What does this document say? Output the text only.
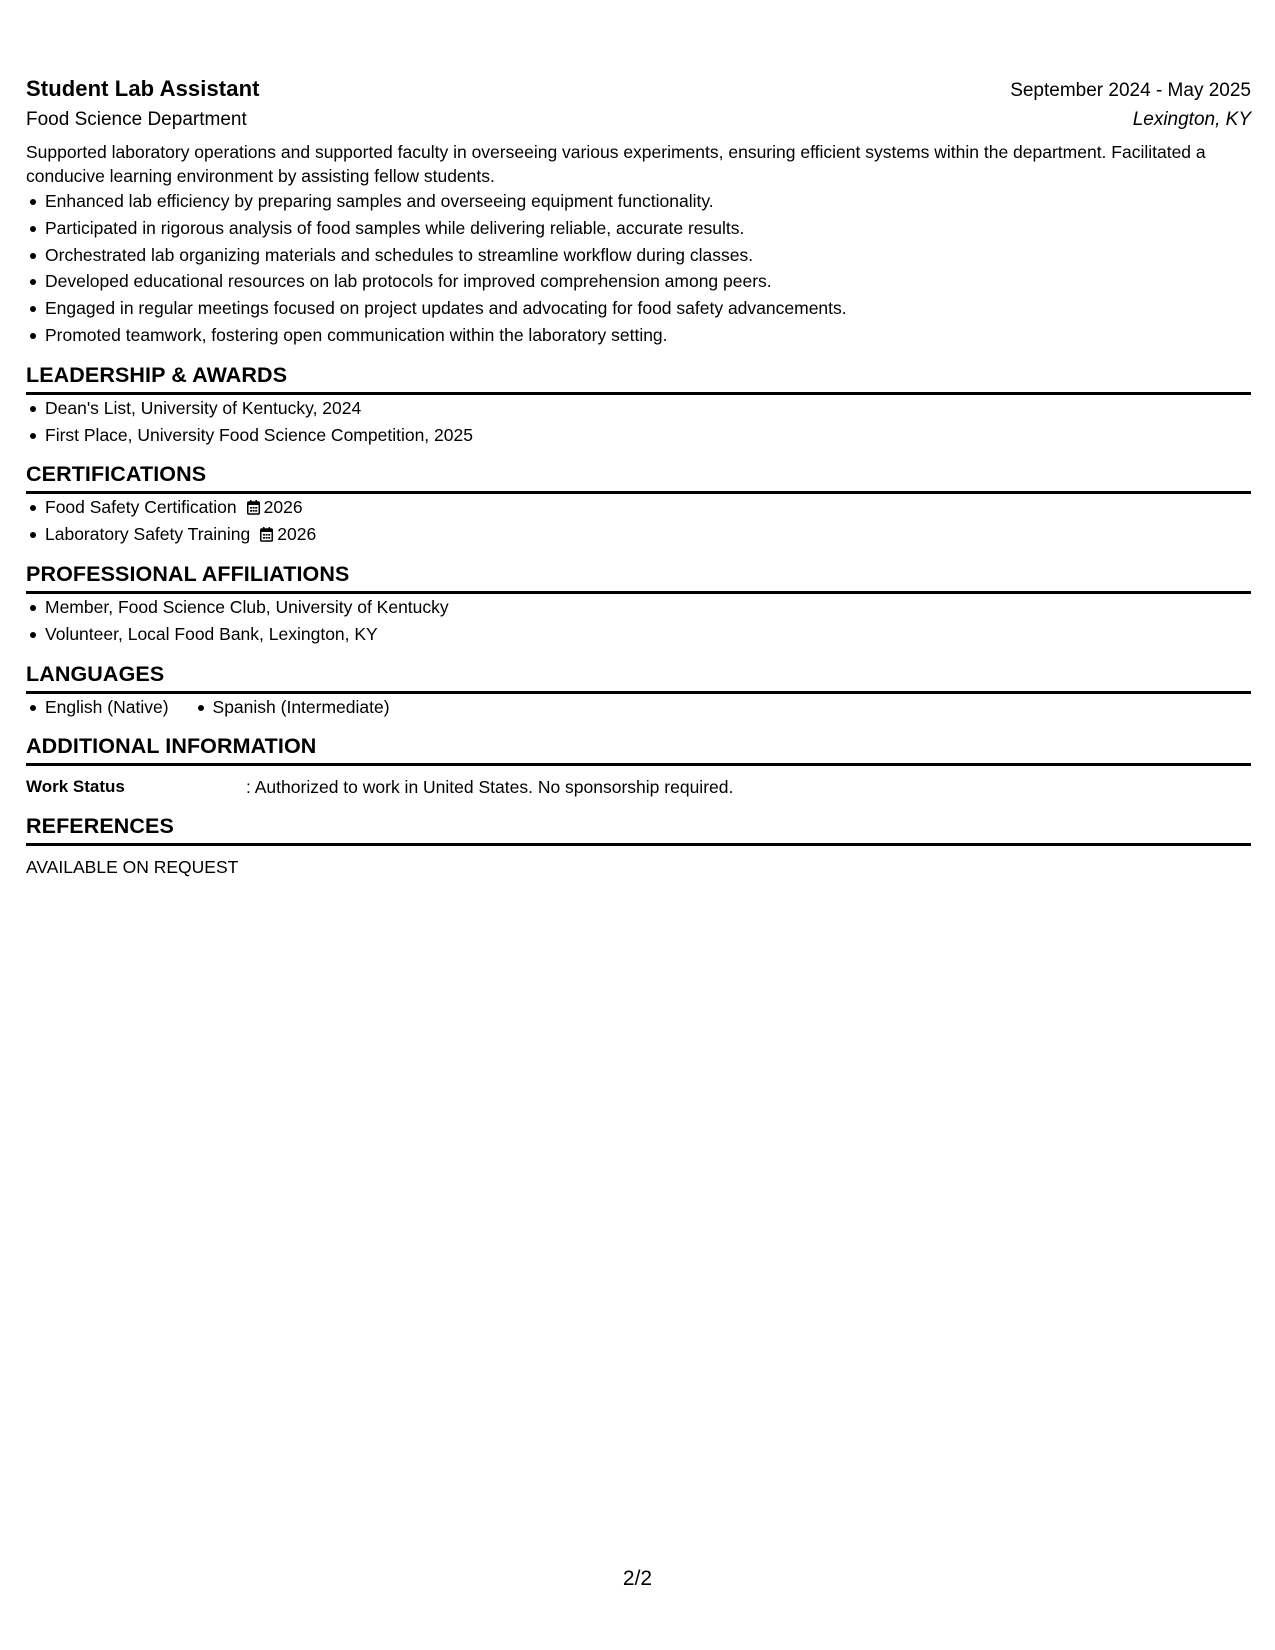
Student Lab Assistant	September 2024 - May 2025
Food Science Department	Lexington, KY
Supported laboratory operations and supported faculty in overseeing various experiments, ensuring efficient systems within the department. Facilitated a conducive learning environment by assisting fellow students.
Enhanced lab efficiency by preparing samples and overseeing equipment functionality.
Participated in rigorous analysis of food samples while delivering reliable, accurate results.
Orchestrated lab organizing materials and schedules to streamline workflow during classes.
Developed educational resources on lab protocols for improved comprehension among peers.
Engaged in regular meetings focused on project updates and advocating for food safety advancements.
Promoted teamwork, fostering open communication within the laboratory setting.
LEADERSHIP & AWARDS
Dean's List, University of Kentucky, 2024
First Place, University Food Science Competition, 2025
CERTIFICATIONS
Food Safety Certification 2026
Laboratory Safety Training 2026
PROFESSIONAL AFFILIATIONS
Member, Food Science Club, University of Kentucky
Volunteer, Local Food Bank, Lexington, KY
LANGUAGES
English (Native)	Spanish (Intermediate)
ADDITIONAL INFORMATION
Work Status	: Authorized to work in United States. No sponsorship required.
REFERENCES
AVAILABLE ON REQUEST
2/2
